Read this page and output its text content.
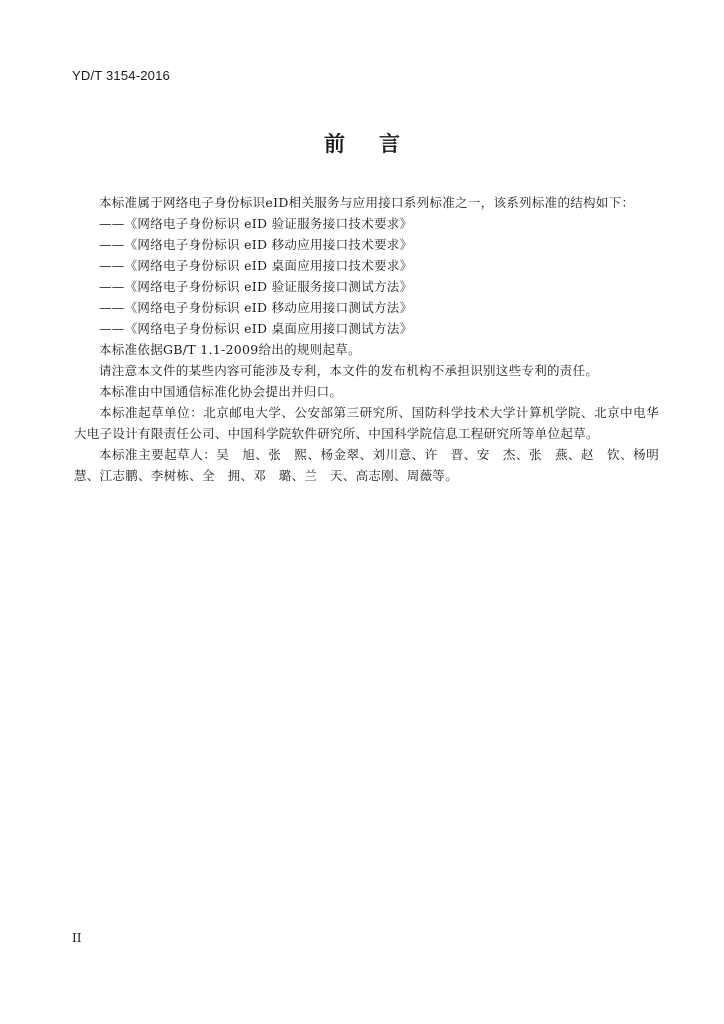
YD/T 3154-2016
前言

本标准属于网络电子身份标识eID相关服务与应用接口系列标准之一，该系列标准的结构如下：

——《网络电子身份标识 eID 验证服务接口技术要求》
——《网络电子身份标识 eID 移动应用接口技术要求》
——《网络电子身份标识 eID 桌面应用接口技术要求》
——《网络电子身份标识 eID 验证服务接口测试方法》
——《网络电子身份标识 eID 移动应用接口测试方法》
——《网络电子身份标识 eID 桌面应用接口测试方法》

本标准依据GB/T 1.1-2009给出的规则起草。

请注意本文件的某些内容可能涉及专利，本文件的发布机构不承担识别这些专利的责任。

本标准由中国通信标准化协会提出并归口。

本标准起草单位：北京邮电大学、公安部第三研究所、国防科学技术大学计算机学院、北京中电华大电子设计有限责任公司、中国科学院软件研究所、中国科学院信息工程研究所等单位起草。

本标准主要起草人：吴　旭、张　熙、杨金翠、刘川意、许　晋、安　杰、张　燕、赵　钦、杨明慧、江志鹏、李树栋、全　拥、邓　璐、兰　天、高志刚、周薇等。

II
